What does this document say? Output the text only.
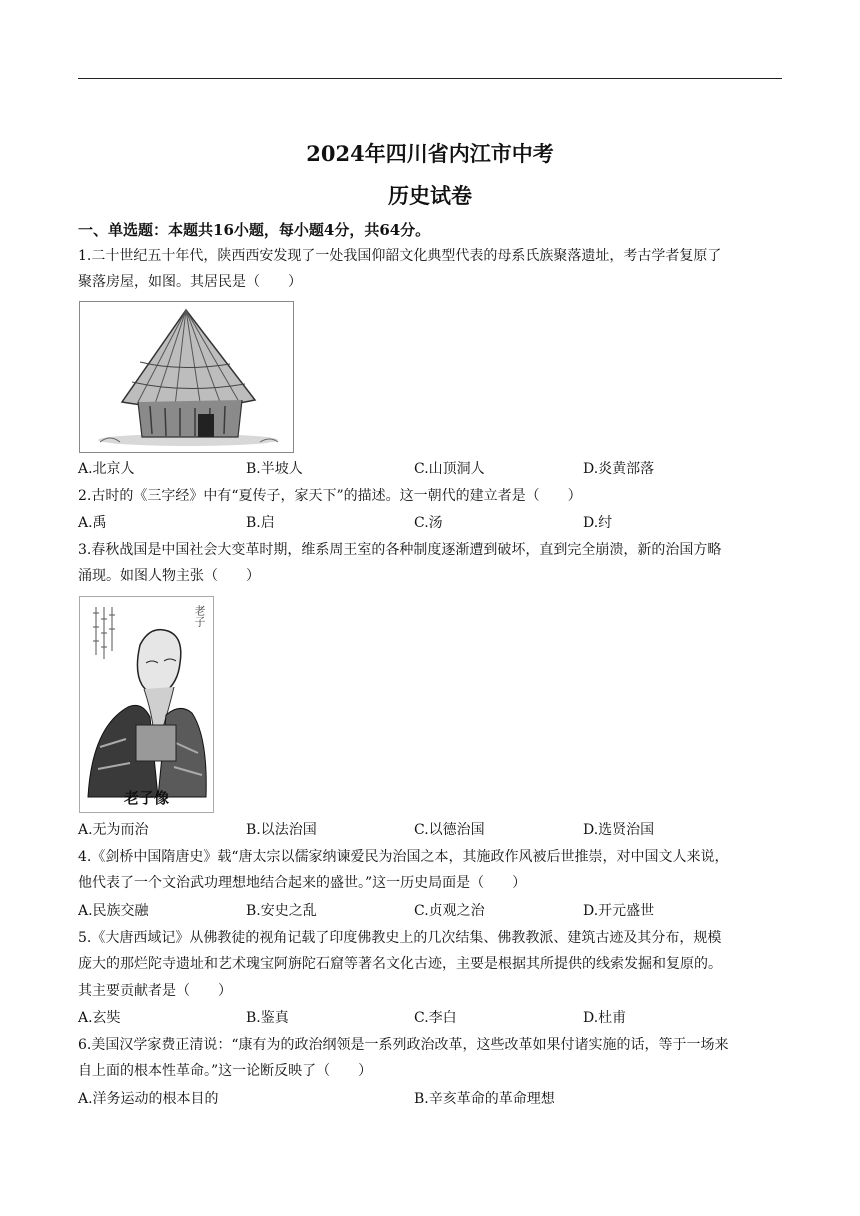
2024年四川省内江市中考
历史试卷
一、单选题：本题共16小题，每小题4分，共64分。
1.二十世纪五十年代，陕西西安发现了一处我国仰韶文化典型代表的母系氏族聚落遗址，考古学者复原了
聚落房屋，如图。其居民是（　　）
A.北京人	B.半坡人	C.山顶洞人	D.炎黄部落
2.古时的《三字经》中有“夏传子，家天下”的描述。这一朝代的建立者是（　　）
A.禹	B.启	C.汤	D.纣
3.春秋战国是中国社会大变革时期，维系周王室的各种制度逐渐遭到破坏，直到完全崩溃，新的治国方略
涌现。如图人物主张（　　）
老子
老子像
A.无为而治	B.以法治国	C.以德治国	D.选贤治国
4.《剑桥中国隋唐史》载“唐太宗以儒家纳谏爱民为治国之本，其施政作风被后世推崇，对中国文人来说，
他代表了一个文治武功理想地结合起来的盛世。”这一历史局面是（　　）
A.民族交融	B.安史之乱	C.贞观之治	D.开元盛世
5.《大唐西域记》从佛教徒的视角记载了印度佛教史上的几次结集、佛教教派、建筑古迹及其分布，规模
庞大的那烂陀寺遗址和艺术瑰宝阿旃陀石窟等著名文化古迹，主要是根据其所提供的线索发掘和复原的。
其主要贡献者是（　　）
A.玄奘	B.鉴真	C.李白	D.杜甫
6.美国汉学家费正清说：“康有为的政治纲领是一系列政治改革，这些改革如果付诸实施的话，等于一场来
自上面的根本性革命。”这一论断反映了（　　）
A.洋务运动的根本目的	B.辛亥革命的革命理想
